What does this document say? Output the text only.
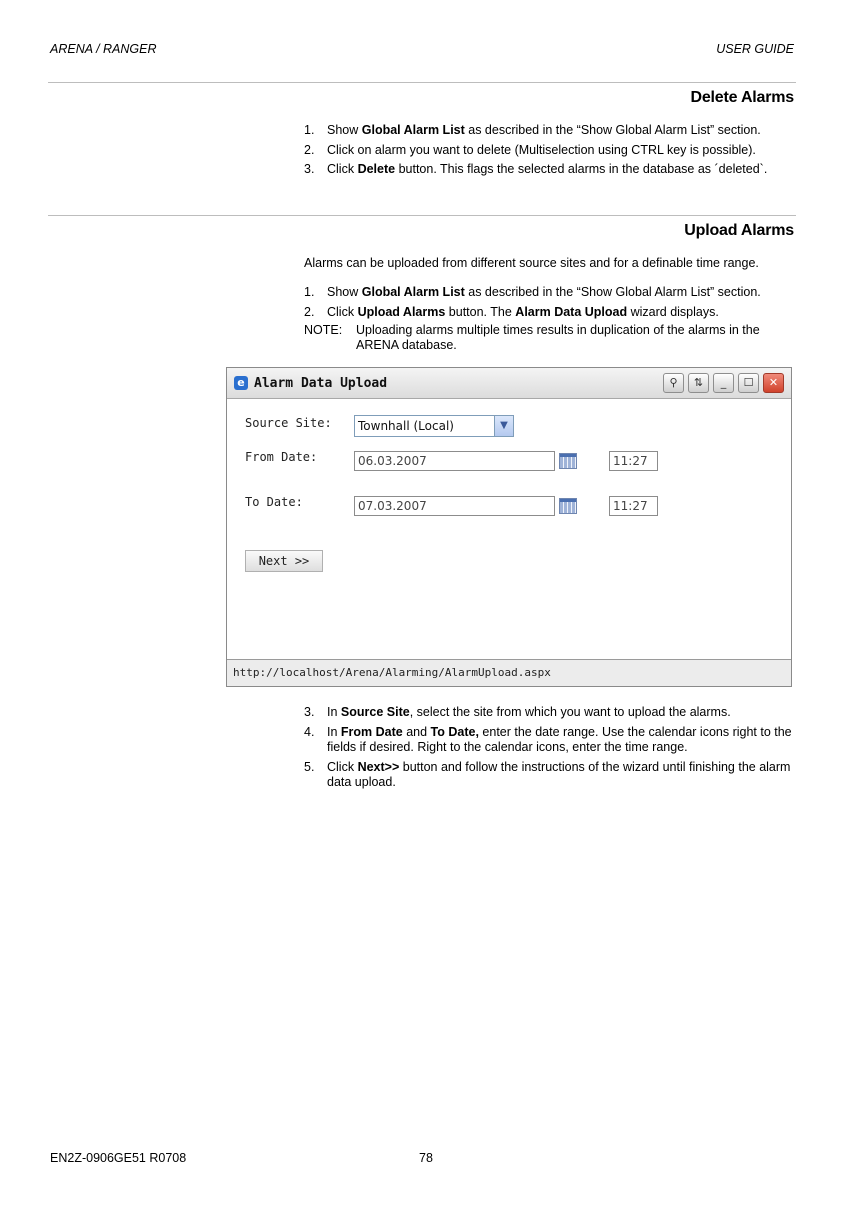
ARENA / RANGER	USER GUIDE
Delete Alarms
1. Show Global Alarm List as described in the “Show Global Alarm List” section.
2. Click on alarm you want to delete (Multiselection using CTRL key is possible).
3. Click Delete button. This flags the selected alarms in the database as ´deleted`.
Upload Alarms
Alarms can be uploaded from different source sites and for a definable time range.
1. Show Global Alarm List as described in the “Show Global Alarm List” section.
2. Click Upload Alarms button. The Alarm Data Upload wizard displays.
NOTE:	Uploading alarms multiple times results in duplication of the alarms in the ARENA database.
e Alarm Data Upload	⚲	⇅	_	☐	✕
Source Site:	Townhall (Local)	▼
From Date:	06.03.2007	11:27
To Date:	07.03.2007	11:27
Next >>
http://localhost/Arena/Alarming/AlarmUpload.aspx
3. In Source Site, select the site from which you want to upload the alarms.
4. In From Date and To Date, enter the date range. Use the calendar icons right to the fields if desired. Right to the calendar icons, enter the time range.
5. Click Next>> button and follow the instructions of the wizard until finishing the alarm data upload.
EN2Z-0906GE51 R0708	78
